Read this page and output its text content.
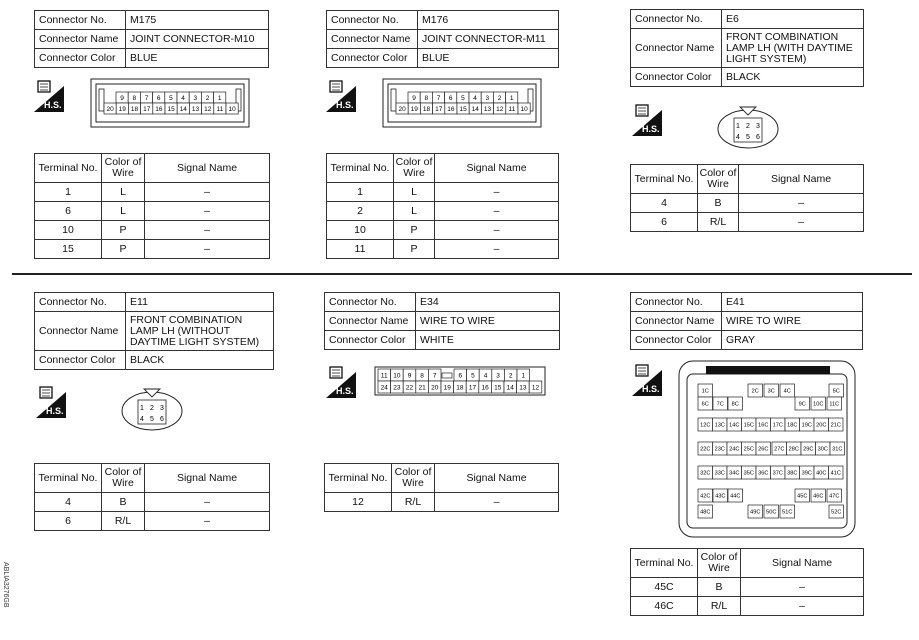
Connector No.	M175
Connector Name	JOINT CONNECTOR-M10
Connector Color	BLUE
H.S.
9 8 7 6 5 4 3 2 1
20 19 18 17 16 15 14 13 12 11 10
Terminal No.	Color of Wire	Signal Name
1	L	–
6	L	–
10	P	–
15	P	–
Connector No.	M176
Connector Name	JOINT CONNECTOR-M11
Connector Color	BLUE
H.S.
9 8 7 6 5 4 3 2 1
20 19 18 17 16 15 14 13 12 11 10
Terminal No.	Color of Wire	Signal Name
1	L	–
2	L	–
10	P	–
11	P	–
Connector No.	E6
Connector Name	FRONT COMBINATION LAMP LH (WITH DAYTIME LIGHT SYSTEM)
Connector Color	BLACK
H.S.	1 2 3
4 5 6
Terminal No.	Color of Wire	Signal Name
4	B	–
6	R/L	–
Connector No.	E11
Connector Name	FRONT COMBINATION LAMP LH (WITHOUT DAYTIME LIGHT SYSTEM)
Connector Color	BLACK
H.S.	1 2 3
4 5 6
Terminal No.	Color of Wire	Signal Name
4	B	–
6	R/L	–
Connector No.	E34
Connector Name	WIRE TO WIRE
Connector Color	WHITE
H.S.
11 10 9 8 7	6 5 4 3 2 1
24 23 22 21 20 19 18 17 16 15 14 13 12
Terminal No.	Color of Wire	Signal Name
12	R/L	–
Connector No.	E41
Connector Name	WIRE TO WIRE
Connector Color	GRAY
H.S.	1C	2C 3C 4C	5C
6C 7C 8C	9C 10C 11C
12C 13C 14C 15C 16C 17C 18C 19C 20C 21C
22C 23C 24C 25C 26C 27C 28C 29C 30C 31C
32C 33C 34C 35C 36C 37C 38C 39C 40C 41C
42C 43C 44C	45C 46C 47C
48C	49C 50C 51C	52C
Terminal No.	Color of Wire	Signal Name
45C	B	–
46C	R/L	–
ABLIA3276GB
